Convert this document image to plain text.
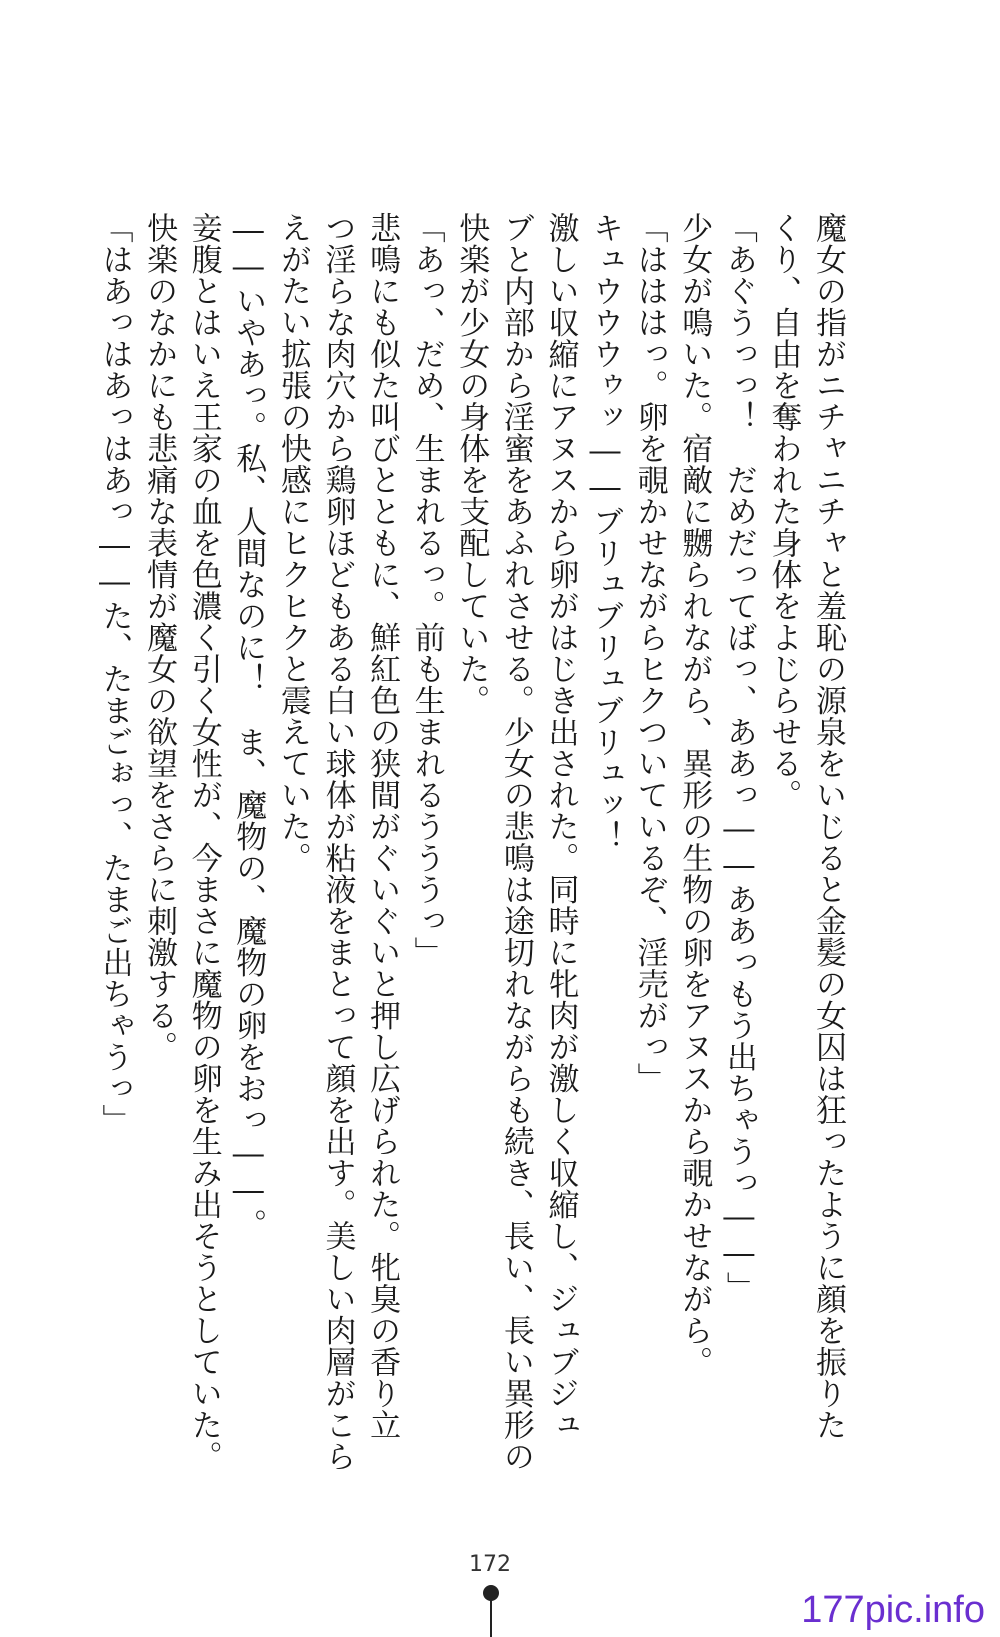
魔女の指がニチャニチャと羞恥の源泉をいじると金髪の女囚は狂ったように顔を振りた
くり、自由を奪われた身体をよじらせる。
「あぐうっっ！　だめだってばっ、ああっ――ああっもう出ちゃうっ――」
少女が鳴いた。宿敵に嬲られながら、異形の生物の卵をアヌスから覗かせながら。
「はははっ。卵を覗かせながらヒクついているぞ、淫売がっ」
キュウウウゥッ――ブリュブリュブリュッ！
激しい収縮にアヌスから卵がはじき出された。同時に牝肉が激しく収縮し、ジュブジュ
ブと内部から淫蜜をあふれさせる。少女の悲鳴は途切れながらも続き、長い、長い異形の
快楽が少女の身体を支配していた。
「あっ、だめ、生まれるっ。前も生まれるうううっ」
悲鳴にも似た叫びとともに、鮮紅色の狭間がぐいぐいと押し広げられた。牝臭の香り立
つ淫らな肉穴から鶏卵ほどもある白い球体が粘液をまとって顔を出す。美しい肉層がこら
えがたい拡張の快感にヒクヒクと震えていた。
――いやあっ。私、人間なのに！　ま、魔物の、魔物の卵をおっ――。
妾腹とはいえ王家の血を色濃く引く女性が、今まさに魔物の卵を生み出そうとしていた。
快楽のなかにも悲痛な表情が魔女の欲望をさらに刺激する。
「はあっはあっはあっ――た、たまごぉっ、たまご出ちゃうっ」
172
177pic.info
